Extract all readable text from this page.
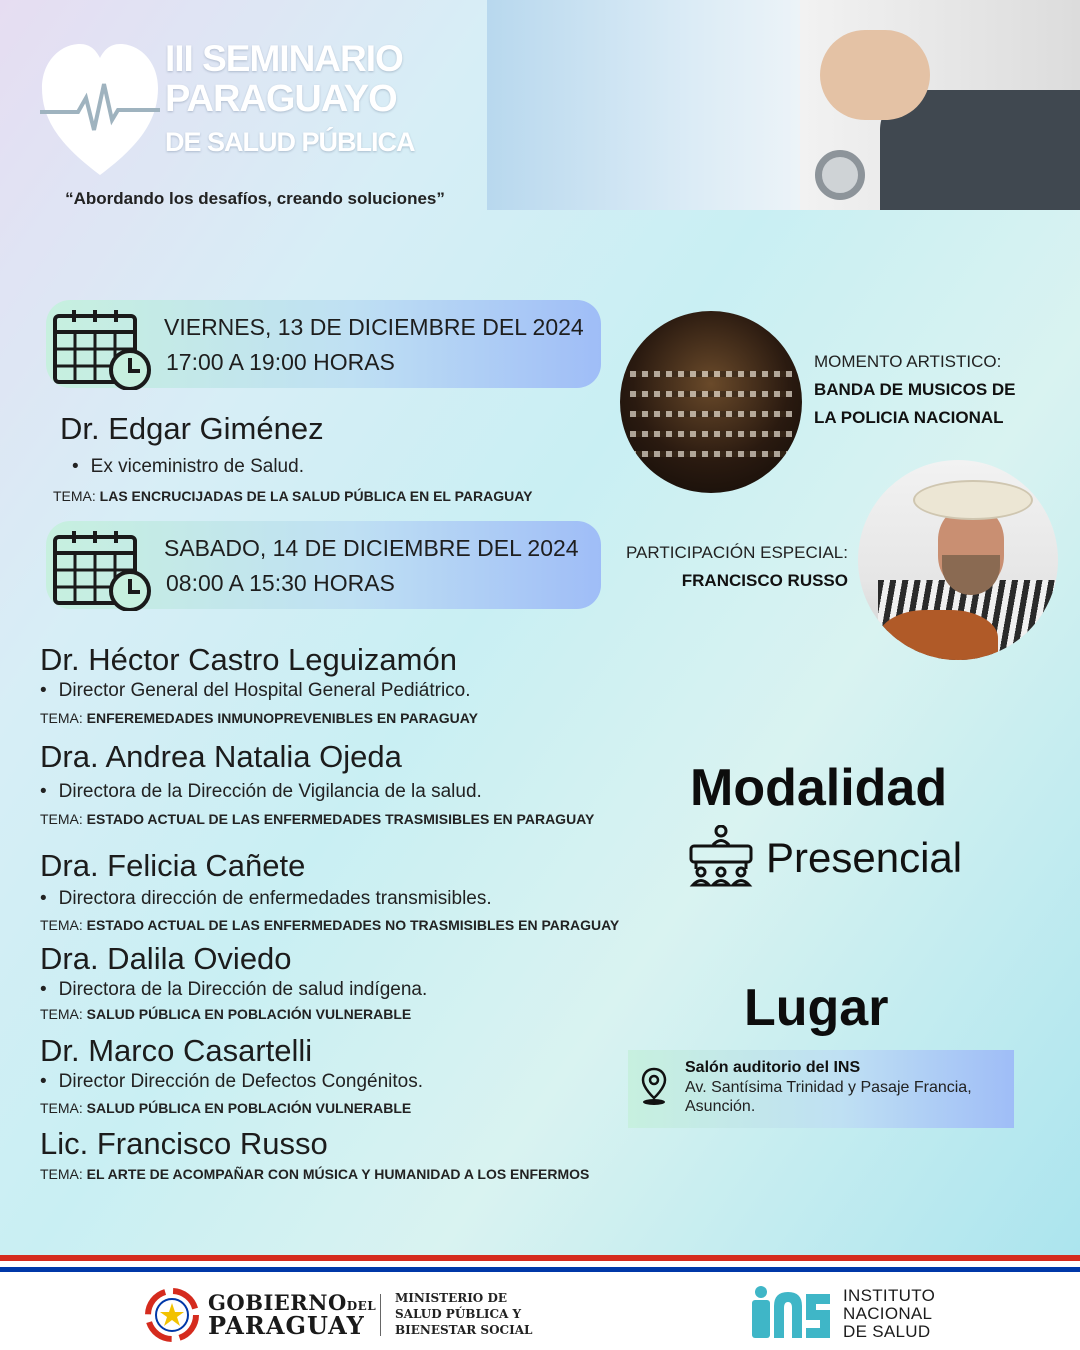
III SEMINARIO
PARAGUAYO
DE SALUD PÚBLICA
“Abordando los desafíos, creando soluciones”
VIERNES, 13 DE DICIEMBRE DEL 2024
17:00 A 19:00 HORAS
Dr. Edgar Giménez
• Ex viceministro de Salud.
TEMA: LAS ENCRUCIJADAS DE LA SALUD PÚBLICA EN EL PARAGUAY
SABADO, 14 DE DICIEMBRE DEL 2024
08:00 A 15:30 HORAS
Dr. Héctor Castro Leguizamón
• Director General del Hospital General Pediátrico.
TEMA: ENFEREMEDADES INMUNOPREVENIBLES EN PARAGUAY
Dra. Andrea Natalia Ojeda
• Directora de la Dirección de Vigilancia de la salud.
TEMA: ESTADO ACTUAL DE LAS ENFERMEDADES TRASMISIBLES EN PARAGUAY
Dra. Felicia Cañete
• Directora dirección de enfermedades transmisibles.
TEMA: ESTADO ACTUAL DE LAS ENFERMEDADES NO TRASMISIBLES EN PARAGUAY
Dra. Dalila Oviedo
• Directora de la Dirección de salud indígena.
TEMA: SALUD PÚBLICA EN POBLACIÓN VULNERABLE
Dr. Marco Casartelli
• Director Dirección de Defectos Congénitos.
TEMA: SALUD PÚBLICA EN POBLACIÓN VULNERABLE
Lic. Francisco Russo
TEMA: EL ARTE DE ACOMPAÑAR CON MÚSICA Y HUMANIDAD A LOS ENFERMOS
MOMENTO ARTISTICO:
BANDA DE MUSICOS DE
LA POLICIA NACIONAL
PARTICIPACIÓN ESPECIAL:
FRANCISCO RUSSO
Modalidad
Presencial
Lugar
Salón auditorio del INS
Av. Santísima Trinidad y Pasaje Francia,
Asunción.
GOBIERNODEL
PARAGUAY
MINISTERIO DE
SALUD PÚBLICA Y
BIENESTAR SOCIAL
INSTITUTO
NACIONAL
DE SALUD
